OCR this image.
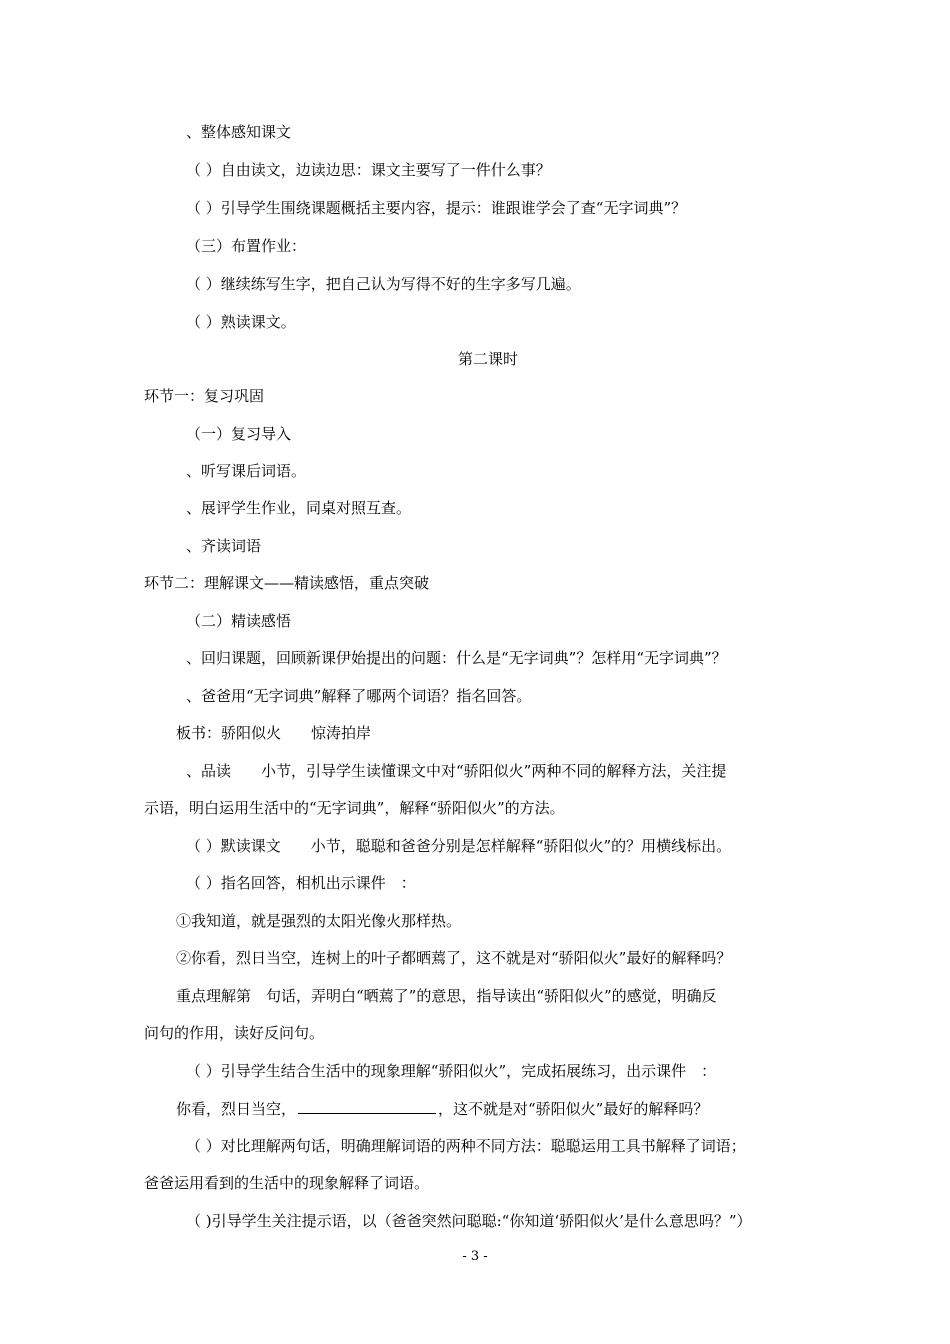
、整体感知课文
（ ）自由读文，边读边思：课文主要写了一件什么事？
（ ）引导学生围绕课题概括主要内容，提示：谁跟谁学会了查“无字词典”？
（三）布置作业：
（ ）继续练写生字，把自己认为写得不好的生字多写几遍。
（ ）熟读课文。
第二课时
环节一：复习巩固
（一）复习导入
、听写课后词语。
、展评学生作业，同桌对照互查。
、齐读词语
环节二：理解课文——精读感悟，重点突破
（二）精读感悟
、回归课题，回顾新课伊始提出的问题：什么是“无字词典”？怎样用“无字词典”？
、爸爸用“无字词典”解释了哪两个词语？指名回答。
板书：骄阳似火　　惊涛拍岸
、品读　　小节，引导学生读懂课文中对“骄阳似火”两种不同的解释方法，关注提
示语，明白运用生活中的“无字词典”，解释“骄阳似火”的方法。
（ ）默读课文　　小节，聪聪和爸爸分别是怎样解释“骄阳似火”的？用横线标出。
（ ）指名回答，相机出示课件　：
①我知道，就是强烈的太阳光像火那样热。
②你看，烈日当空，连树上的叶子都晒蔫了，这不就是对“骄阳似火”最好的解释吗？
重点理解第　句话，弄明白“晒蔫了”的意思，指导读出“骄阳似火”的感觉，明确反
问句的作用，读好反问句。
（ ）引导学生结合生活中的现象理解“骄阳似火”，完成拓展练习，出示课件　：
你看，烈日当空，	，这不就是对“骄阳似火”最好的解释吗？
（ ）对比理解两句话，明确理解词语的两种不同方法：聪聪运用工具书解释了词语；
爸爸运用看到的生活中的现象解释了词语。
（ )引导学生关注提示语，以（爸爸突然问聪聪:“你知道‘骄阳似火’是什么意思吗？”）
- 3 -
